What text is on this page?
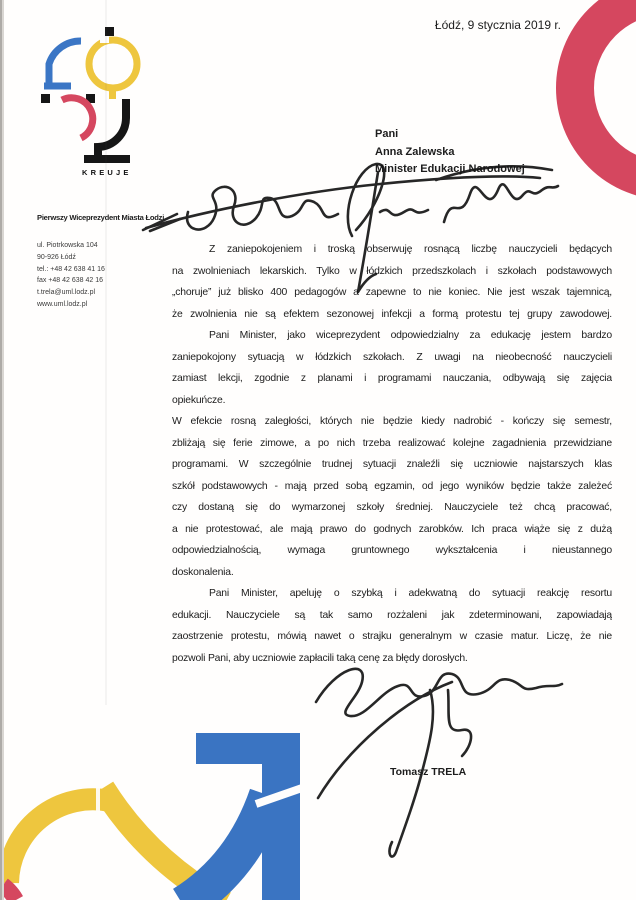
KREUJE
Łódź, 9 stycznia 2019 r.
Pani
Anna Zalewska
Minister Edukacji Narodowej
Pierwszy Wiceprezydent Miasta Łodzi
ul. Piotrkowska 104
90-926 Łódź
tel.: +48 42 638 41 16
fax +48 42 638 42 16
t.trela@uml.lodz.pl
www.uml.lodz.pl
Z zaniepokojeniem i troską obserwuję rosnącą liczbę nauczycieli będących
na zwolnieniach lekarskich. Tylko w łódzkich przedszkolach i szkołach podstawowych
„choruje” już blisko 400 pedagogów a zapewne to nie koniec. Nie jest wszak tajemnicą,
że zwolnienia nie są efektem sezonowej infekcji a formą protestu tej grupy zawodowej.
Pani Minister, jako wiceprezydent odpowiedzialny za edukację jestem bardzo
zaniepokojony sytuacją w łódzkich szkołach. Z uwagi na nieobecność nauczycieli
zamiast lekcji, zgodnie z planami i programami nauczania, odbywają się zajęcia
opiekuńcze.
W efekcie rosną zaległości, których nie będzie kiedy nadrobić - kończy się semestr,
zbliżają się ferie zimowe, a po nich trzeba realizować kolejne zagadnienia przewidziane
programami. W szczególnie trudnej sytuacji znaleźli się uczniowie najstarszych klas
szkół podstawowych - mają przed sobą egzamin, od jego wyników będzie także zależeć
czy dostaną się do wymarzonej szkoły średniej. Nauczyciele też chcą pracować,
a nie protestować, ale mają prawo do godnych zarobków. Ich praca wiąże się z dużą
odpowiedzialnością, wymaga gruntownego wykształcenia i nieustannego
doskonalenia.
Pani Minister, apeluję o szybką i adekwatną do sytuacji reakcję resortu
edukacji. Nauczyciele są tak samo rozżaleni jak zdeterminowani, zapowiadają
zaostrzenie protestu, mówią nawet o strajku generalnym w czasie matur. Liczę, że nie
pozwoli Pani, aby uczniowie zapłacili taką cenę za błędy dorosłych.
Tomasz TRELA
